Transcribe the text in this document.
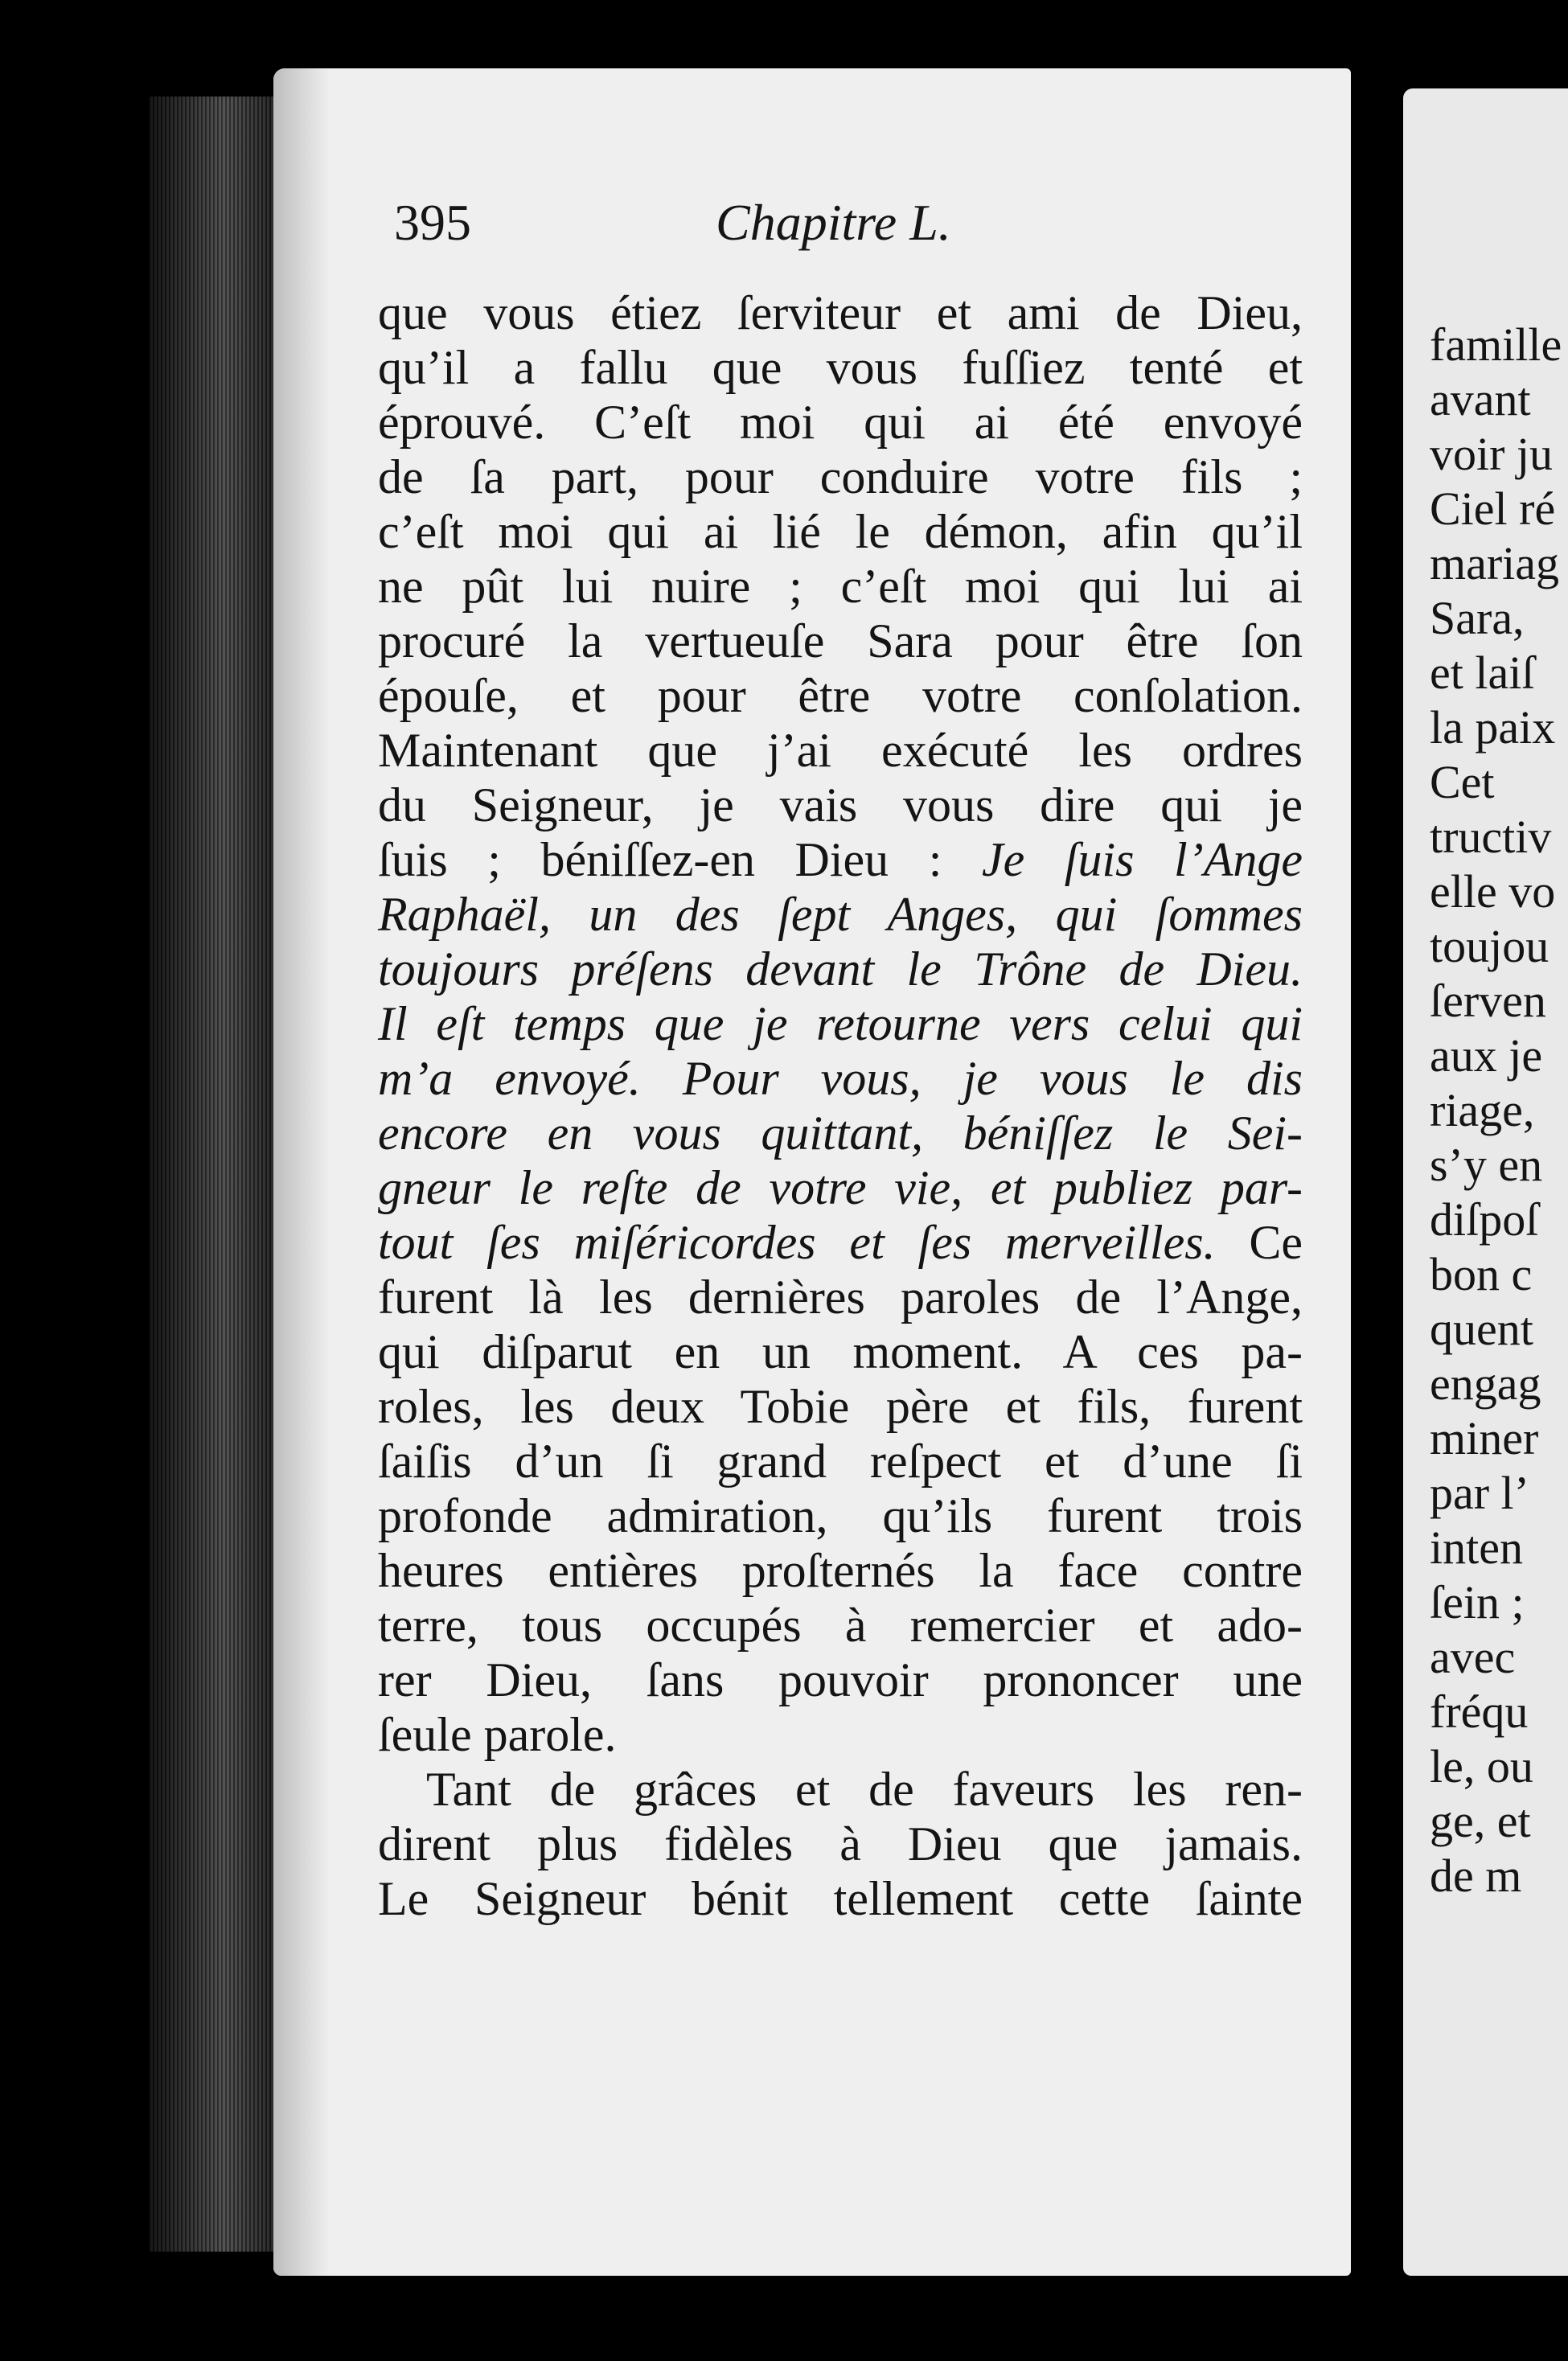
395	Chapitre L.
que vous étiez ſerviteur et ami de Dieu,
qu’il a fallu que vous fuſſiez tenté et
éprouvé. C’eſt moi qui ai été envoyé
de ſa part, pour conduire votre fils ;
c’eſt moi qui ai lié le démon, afin qu’il
ne pût lui nuire ; c’eſt moi qui lui ai
procuré la vertueuſe Sara pour être ſon
épouſe, et pour être votre conſolation.
Maintenant que j’ai exécuté les ordres
du Seigneur, je vais vous dire qui je
ſuis ; béniſſez-en Dieu : Je ſuis l’Ange
Raphaël, un des ſept Anges, qui ſommes
toujours préſens devant le Trône de Dieu.
Il eſt temps que je retourne vers celui qui
m’a envoyé. Pour vous, je vous le dis
encore en vous quittant, béniſſez le Sei-
gneur le reſte de votre vie, et publiez par-
tout ſes miſéricordes et ſes merveilles. Ce
furent là les dernières paroles de l’Ange,
qui diſparut en un moment. A ces pa-
roles, les deux Tobie père et fils, furent
ſaiſis d’un ſi grand reſpect et d’une ſi
profonde admiration, qu’ils furent trois
heures entières proſternés la face contre
terre, tous occupés à remercier et ado-
rer Dieu, ſans pouvoir prononcer une
ſeule parole.
Tant de grâces et de faveurs les ren-
dirent plus fidèles à Dieu que jamais.
Le Seigneur bénit tellement cette ſainte
famille
avant
voir ju
Ciel ré
mariag
Sara,
et laiſ
la paix
Cet
tructiv
elle vo
toujou
ſerven
aux je
riage,
s’y en
diſpoſ
bon c
quent
engag
miner
par l’
inten
ſein ;
avec
fréqu
le, ou
ge, et
de m
